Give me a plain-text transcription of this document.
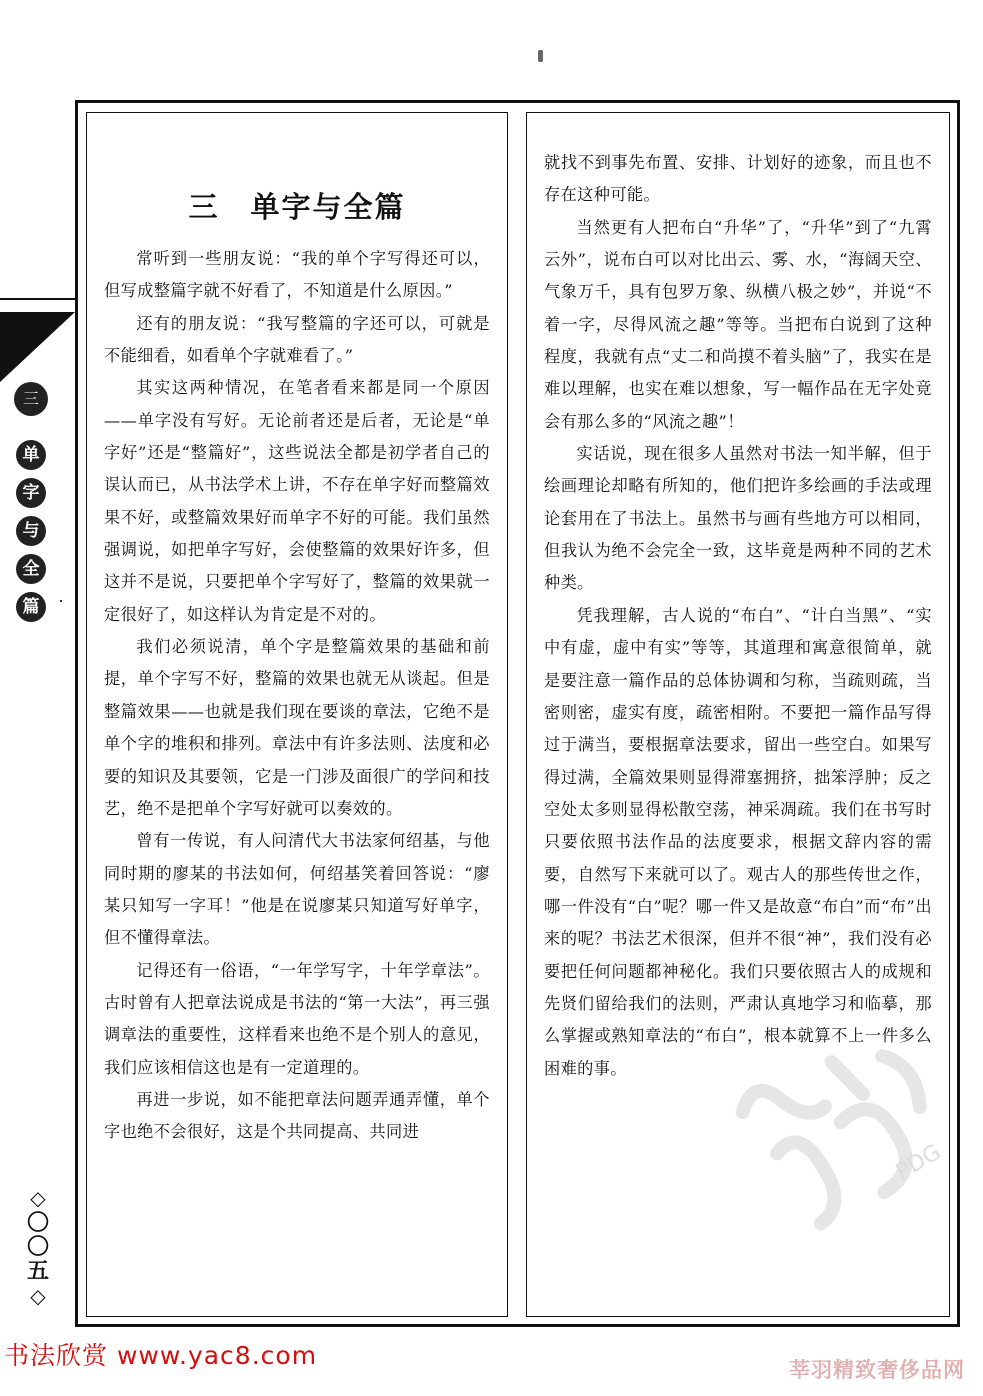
三　单字与全篇

常听到一些朋友说：“我的单个字写得还可以，但写成整篇字就不好看了，不知道是什么原因。”

还有的朋友说：“我写整篇的字还可以，可就是不能细看，如看单个字就难看了。”

其实这两种情况，在笔者看来都是同一个原因——单字没有写好。无论前者还是后者，无论是“单字好”还是“整篇好”，这些说法全都是初学者自己的误认而已，从书法学术上讲，不存在单字好而整篇效果不好，或整篇效果好而单字不好的可能。我们虽然强调说，如把单字写好，会使整篇的效果好许多，但这并不是说，只要把单个字写好了，整篇的效果就一定很好了，如这样认为肯定是不对的。

我们必须说清，单个字是整篇效果的基础和前提，单个字写不好，整篇的效果也就无从谈起。但是整篇效果——也就是我们现在要谈的章法，它绝不是单个字的堆积和排列。章法中有许多法则、法度和必要的知识及其要领，它是一门涉及面很广的学问和技艺，绝不是把单个字写好就可以奏效的。

曾有一传说，有人问清代大书法家何绍基，与他同时期的廖某的书法如何，何绍基笑着回答说：“廖某只知写一字耳！”他是在说廖某只知道写好单字，但不懂得章法。

记得还有一俗语，“一年学写字，十年学章法”。古时曾有人把章法说成是书法的“第一大法”，再三强调章法的重要性，这样看来也绝不是个别人的意见，我们应该相信这也是有一定道理的。

再进一步说，如不能把章法问题弄通弄懂，单个字也绝不会很好，这是个共同提高、共同进

就找不到事先布置、安排、计划好的迹象，而且也不存在这种可能。

当然更有人把布白“升华”了，“升华”到了“九霄云外”，说布白可以对比出云、雾、水，“海阔天空、气象万千，具有包罗万象、纵横八极之妙”，并说“不着一字，尽得风流之趣”等等。当把布白说到了这种程度，我就有点“丈二和尚摸不着头脑”了，我实在是难以理解，也实在难以想象，写一幅作品在无字处竟会有那么多的“风流之趣”！

实话说，现在很多人虽然对书法一知半解，但于绘画理论却略有所知的，他们把许多绘画的手法或理论套用在了书法上。虽然书与画有些地方可以相同，但我认为绝不会完全一致，这毕竟是两种不同的艺术种类。

凭我理解，古人说的“布白”、“计白当黑”、“实中有虚，虚中有实”等等，其道理和寓意很简单，就是要注意一篇作品的总体协调和匀称，当疏则疏，当密则密，虚实有度，疏密相附。不要把一篇作品写得过于满当，要根据章法要求，留出一些空白。如果写得过满，全篇效果则显得滞塞拥挤，拙笨浮肿；反之空处太多则显得松散空荡，神采凋疏。我们在书写时只要依照书法作品的法度要求，根据文辞内容的需要，自然写下来就可以了。观古人的那些传世之作，哪一件没有“白”呢？哪一件又是故意“布白”而“布”出来的呢？书法艺术很深，但并不很“神”，我们没有必要把任何问题都神秘化。我们只要依照古人的成规和先贤们留给我们的法则，严肃认真地学习和临摹，那么掌握或熟知章法的“布白”，根本就算不上一件多么困难的事。

三
单
字
与
全
篇
◇
〇
〇
五
◇
PDG
书法欣赏 www.yac8.com	莘羽精致奢侈品网
